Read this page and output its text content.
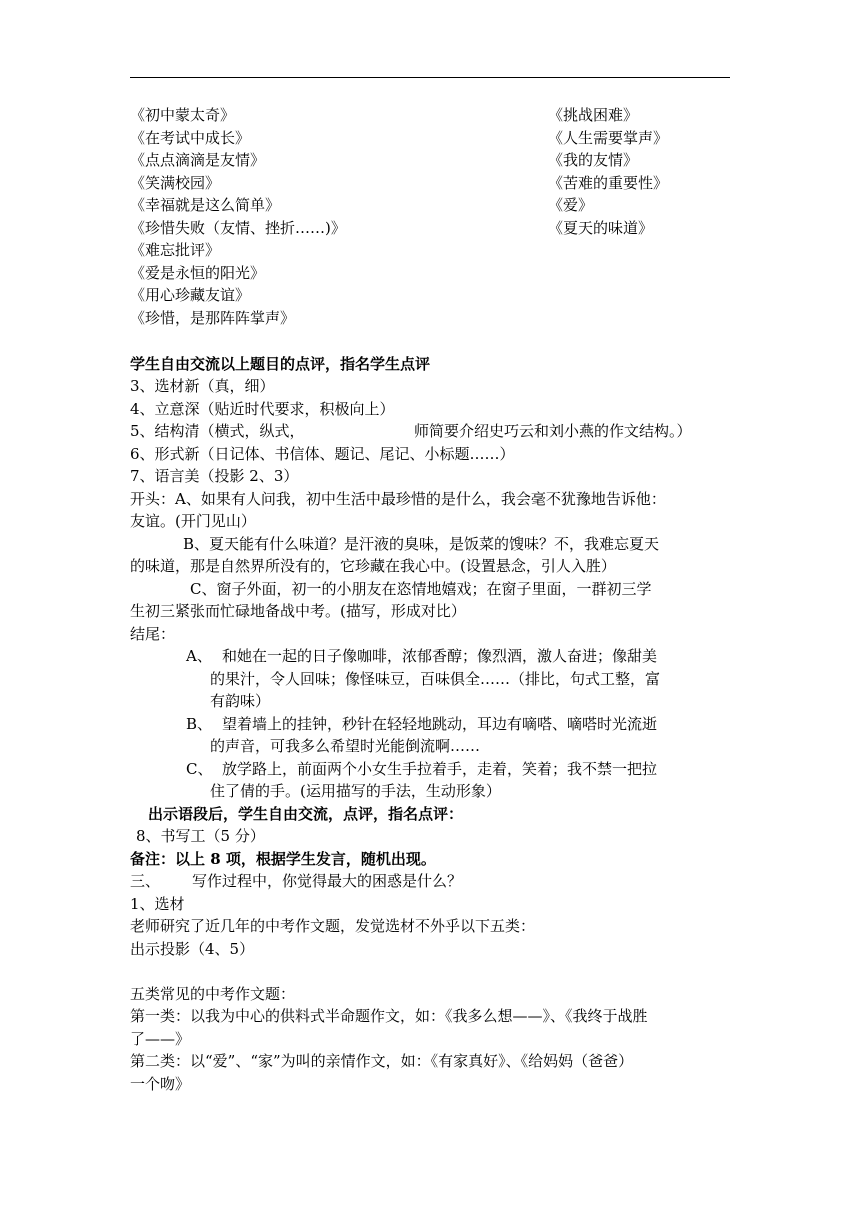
《初中蒙太奇》
《在考试中成长》
《点点滴滴是友情》
《笑满校园》
《幸福就是这么简单》
《珍惜失败（友情、挫折……)》
《难忘批评》
《爱是永恒的阳光》
《用心珍藏友谊》
《珍惜，是那阵阵掌声》
《挑战困难》
《人生需要掌声》
《我的友情》
《苦难的重要性》
《爱》
《夏天的味道》
学生自由交流以上题目的点评，指名学生点评
3、选材新（真，细）
4、立意深（贴近时代要求，积极向上）
5、结构清（横式，纵式，	师简要介绍史巧云和刘小燕的作文结构。）
6、形式新（日记体、书信体、题记、尾记、小标题……）
7、语言美（投影 2、3）
开头：A、如果有人问我，初中生活中最珍惜的是什么，我会毫不犹豫地告诉他：
友谊。(开门见山）
B、夏天能有什么味道？是汗液的臭味，是饭菜的馊味？不，我难忘夏天
的味道，那是自然界所没有的，它珍藏在我心中。(设置悬念，引人入胜）
C、窗子外面，初一的小朋友在恣情地嬉戏；在窗子里面，一群初三学
生初三紧张而忙碌地备战中考。(描写，形成对比）
结尾：
A、 和她在一起的日子像咖啡，浓郁香醇；像烈酒，激人奋进；像甜美
的果汁，令人回味；像怪味豆，百味俱全……（排比，句式工整，富
有韵味）
B、 望着墙上的挂钟，秒针在轻轻地跳动，耳边有嘀嗒、嘀嗒时光流逝
的声音，可我多么希望时光能倒流啊……
C、 放学路上，前面两个小女生手拉着手，走着，笑着；我不禁一把拉
住了倩的手。(运用描写的手法，生动形象）
出示语段后，学生自由交流，点评，指名点评：
8、书写工（5 分）
备注：以上 8 项，根据学生发言，随机出现。
三、 写作过程中，你觉得最大的困惑是什么？
1、选材
老师研究了近几年的中考作文题，发觉选材不外乎以下五类：
出示投影（4、5）
五类常见的中考作文题：
第一类：以我为中心的供料式半命题作文，如：《我多么想——》、《我终于战胜
了——》
第二类：以“爱”、“家”为叫的亲情作文，如：《有家真好》、《给妈妈（爸爸）
一个吻》
